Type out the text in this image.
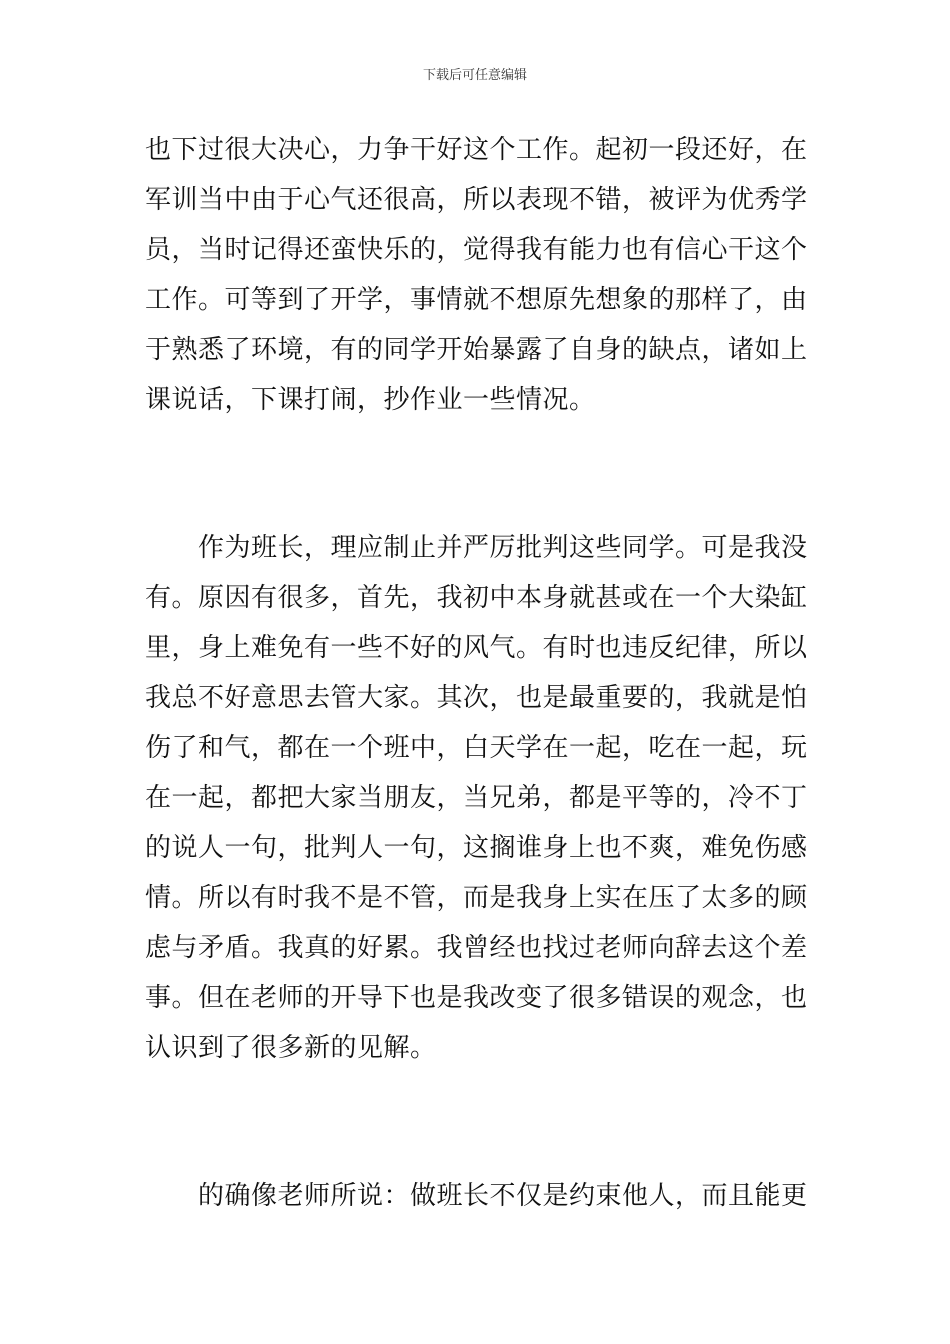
下载后可任意编辑
也下过很大决心，力争干好这个工作。起初一段还好，在
军训当中由于心气还很高，所以表现不错，被评为优秀学
员，当时记得还蛮快乐的，觉得我有能力也有信心干这个
工作。可等到了开学，事情就不想原先想象的那样了，由
于熟悉了环境，有的同学开始暴露了自身的缺点，诸如上
课说话，下课打闹，抄作业一些情况。
作为班长，理应制止并严厉批判这些同学。可是我没
有。原因有很多，首先，我初中本身就甚或在一个大染缸
里，身上难免有一些不好的风气。有时也违反纪律，所以
我总不好意思去管大家。其次，也是最重要的，我就是怕
伤了和气，都在一个班中，白天学在一起，吃在一起，玩
在一起，都把大家当朋友，当兄弟，都是平等的，冷不丁
的说人一句，批判人一句，这搁谁身上也不爽，难免伤感
情。所以有时我不是不管，而是我身上实在压了太多的顾
虑与矛盾。我真的好累。我曾经也找过老师向辞去这个差
事。但在老师的开导下也是我改变了很多错误的观念，也
认识到了很多新的见解。
的确像老师所说：做班长不仅是约束他人，而且能更
